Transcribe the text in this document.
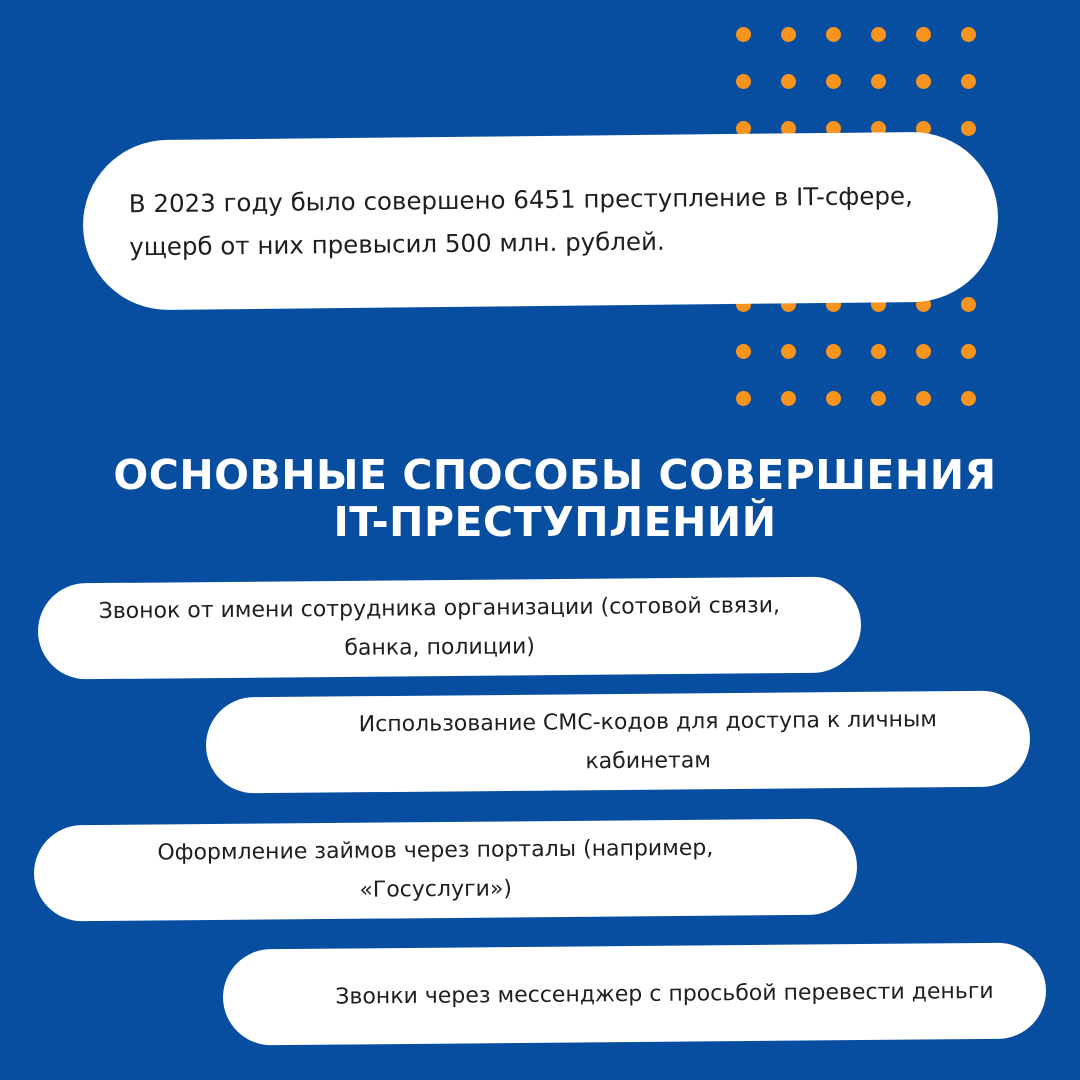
В 2023 году было совершено 6451 преступление в IT-сфере, ущерб от них превысил 500 млн. рублей.
ОСНОВНЫЕ СПОСОБЫ СОВЕРШЕНИЯ
IT-ПРЕСТУПЛЕНИЙ
Звонок от имени сотрудника организации (сотовой связи, банка, полиции)
Использование СМС-кодов для доступа к личным кабинетам
Оформление займов через порталы (например, «Госуслуги»)
Звонки через мессенджер с просьбой перевести деньги
